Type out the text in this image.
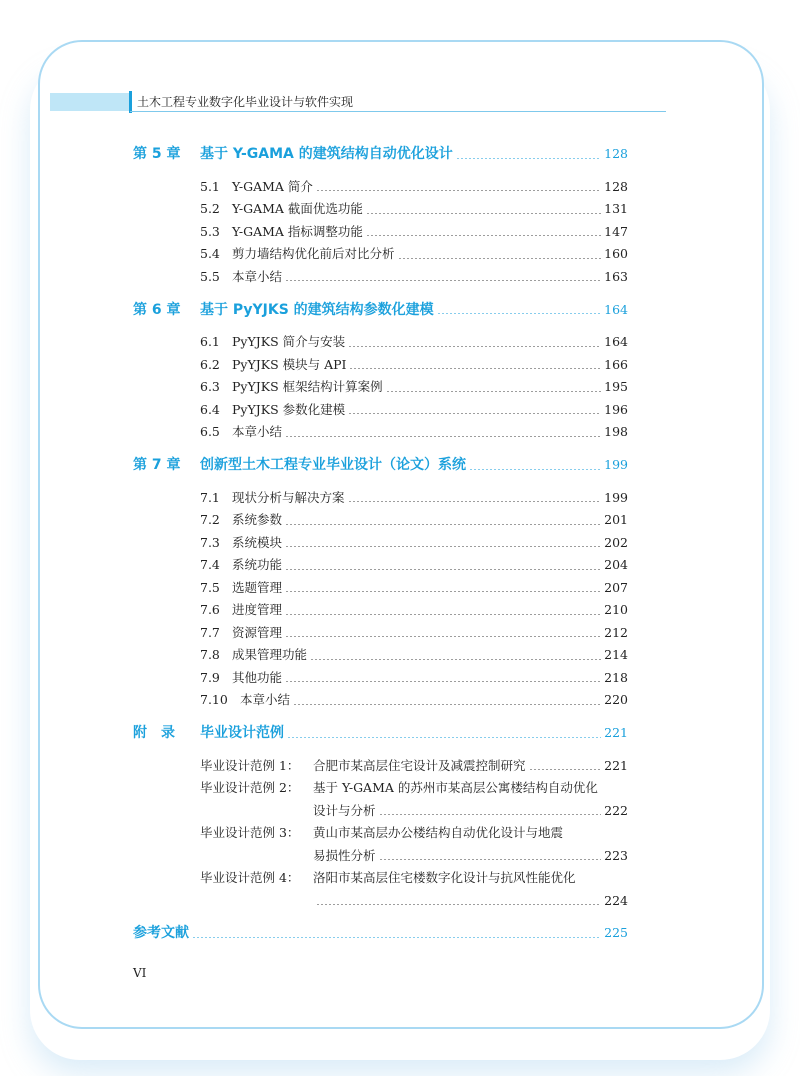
土木工程专业数字化毕业设计与软件实现
第 5 章	基于 Y-GAMA 的建筑结构自动优化设计	128
5.1 Y-GAMA 简介	128
5.2 Y-GAMA 截面优选功能	131
5.3 Y-GAMA 指标调整功能	147
5.4 剪力墙结构优化前后对比分析	160
5.5 本章小结	163
第 6 章	基于 PyYJKS 的建筑结构参数化建模	164
6.1 PyYJKS 简介与安装	164
6.2 PyYJKS 模块与 API	166
6.3 PyYJKS 框架结构计算案例	195
6.4 PyYJKS 参数化建模	196
6.5 本章小结	198
第 7 章	创新型土木工程专业毕业设计（论文）系统	199
7.1 现状分析与解决方案	199
7.2 系统参数	201
7.3 系统模块	202
7.4 系统功能	204
7.5 选题管理	207
7.6 进度管理	210
7.7 资源管理	212
7.8 成果管理功能	214
7.9 其他功能	218
7.10 本章小结	220
附　录	毕业设计范例	221
毕业设计范例 1：	合肥市某高层住宅设计及减震控制研究	221
毕业设计范例 2：	基于 Y-GAMA 的苏州市某高层公寓楼结构自动优化
设计与分析	222
毕业设计范例 3：	黄山市某高层办公楼结构自动优化设计与地震
易损性分析	223
毕业设计范例 4：	洛阳市某高层住宅楼数字化设计与抗风性能优化
224
参考文献	225
VI
